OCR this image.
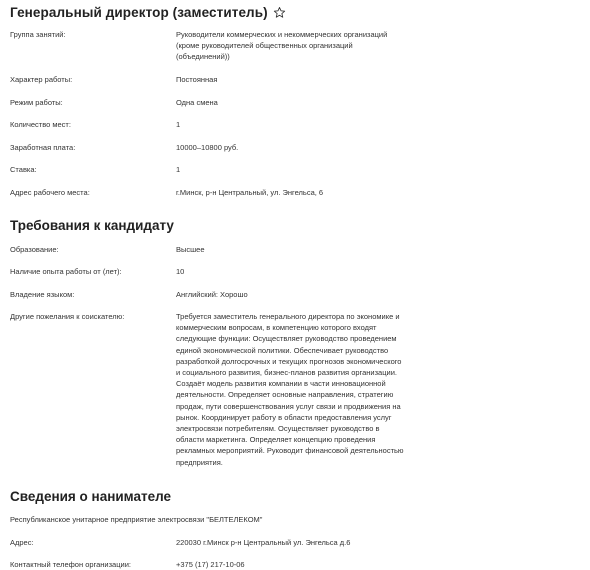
Генеральный директор (заместитель)
Группа занятий:	Руководители коммерческих и некоммерческих организаций (кроме руководителей общественных организаций (объединений))
Характер работы:	Постоянная
Режим работы:	Одна смена
Количество мест:	1
Заработная плата:	10000–10800 руб.
Ставка:	1
Адрес рабочего места:	г.Минск, р-н Центральный, ул. Энгельса, 6
Требования к кандидату
Образование:	Высшее
Наличие опыта работы от (лет):	10
Владение языком:	Английский: Хорошо
Другие пожелания к соискателю:	Требуется заместитель генерального директора по экономике и коммерческим вопросам, в компетенцию которого входят следующие функции: Осуществляет руководство проведением единой экономической политики. Обеспечивает руководство разработкой долгосрочных и текущих прогнозов экономического и социального развития, бизнес-планов развития организации. Создаёт модель развития компании в части инновационной деятельности. Определяет основные направления, стратегию продаж, пути совершенствования услуг связи и продвижения на рынок. Координирует работу в области предоставления услуг электросвязи потребителям. Осуществляет руководство в области маркетинга. Определяет концепцию проведения рекламных мероприятий. Руководит финансовой деятельностью предприятия.
Сведения о нанимателе
Республиканское унитарное предприятие электросвязи "БЕЛТЕЛЕКОМ"
Адрес:	220030 г.Минск р-н Центральный ул. Энгельса д.6
Контактный телефон организации:	+375 (17) 217-10-06
